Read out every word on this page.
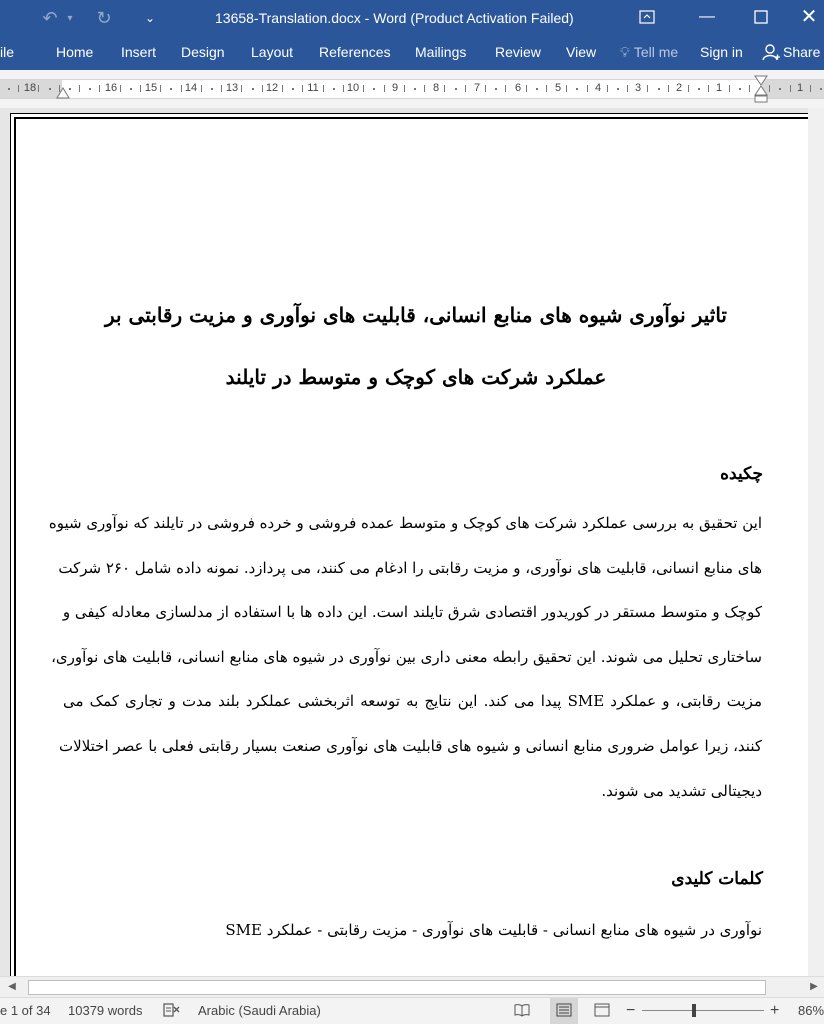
↶ ▾	↻	⌄	13658-Translation.docx - Word (Product Activation Failed)	—	✕
ile	Home Insert Design Layout References Mailings Review View 💡︎ Tell me Sign in	Share
18	16	15	14	13	12	11	10	9	8	7	6	5	4	3	2	1	1
تاثیر نوآوری شیوه های منابع انسانی، قابلیت های نوآوری و مزیت رقابتی بر
عملکرد شرکت های کوچک و متوسط در تایلند
چکیده
این تحقیق به بررسی عملکرد شرکت های کوچک و متوسط عمده فروشی و خرده فروشی در تایلند که نوآوری شیوه
های منابع انسانی، قابلیت های نوآوری، و مزیت رقابتی را ادغام می کنند، می پردازد. نمونه داده شامل ۲۶۰ شرکت
کوچک و متوسط مستقر در کوریدور اقتصادی شرق تایلند است. این داده ها با استفاده از مدلسازی معادله کیفی و
ساختاری تحلیل می شوند. این تحقیق رابطه معنی داری بین نوآوری در شیوه های منابع انسانی، قابلیت های نوآوری،
مزیت رقابتی، و عملکرد SME پیدا می کند. این نتایج به توسعه اثربخشی عملکرد بلند مدت و تجاری کمک می
کنند، زیرا عوامل ضروری منابع انسانی و شیوه های قابلیت های نوآوری صنعت بسیار رقابتی فعلی با عصر اختلالات
دیجیتالی تشدید می شوند.
کلمات کلیدی
نوآوری در شیوه های منابع انسانی - قابلیت های نوآوری - مزیت رقابتی - عملکرد SME
◀	▶
e 1 of 34 10379 words	Arabic (Saudi Arabia)	−	+ 86%
